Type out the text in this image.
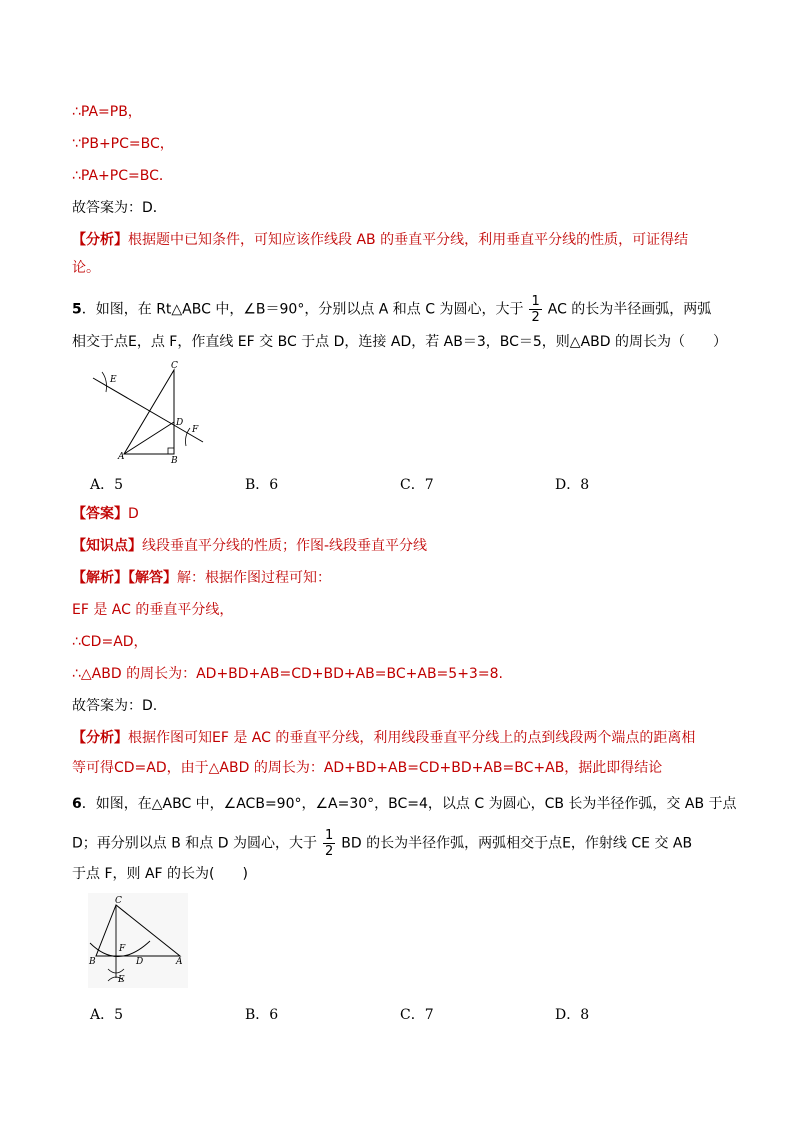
∴PA=PB，
∵PB+PC=BC，
∴PA+PC=BC．
故答案为：D．
【分析】根据题中已知条件，可知应该作线段 AB 的垂直平分线，利用垂直平分线的性质，可证得结
论。
5．如图，在 Rt△ABC 中，∠B＝90°，分别以点 A 和点 C 为圆心，大于 $\frac{1}{2}$ AC 的长为半径画弧，两弧
相交于点E，点 F，作直线 EF 交 BC 于点 D，连接 AD，若 AB＝3，BC＝5，则△ABD 的周长为（　　）
E
C
D
F
A	B
A．5	B．6	C．7	D．8
【答案】D
【知识点】线段垂直平分线的性质；作图-线段垂直平分线
【解析】【解答】解：根据作图过程可知：
EF 是 AC 的垂直平分线，
∴CD=AD，
∴△ABD 的周长为：AD+BD+AB=CD+BD+AB=BC+AB=5+3=8.
故答案为：D.
【分析】根据作图可知EF 是 AC 的垂直平分线，利用线段垂直平分线上的点到线段两个端点的距离相
等可得CD=AD，由于△ABD 的周长为：AD+BD+AB=CD+BD+AB=BC+AB，据此即得结论
6．如图，在△ABC 中，∠ACB=90°，∠A=30°，BC=4，以点 C 为圆心，CB 长为半径作弧，交 AB 于点
D；再分别以点 B 和点 D 为圆心，大于 $\frac{1}{2}$ BD 的长为半径作弧，两弧相交于点E，作射线 CE 交 AB
于点 F，则 AF 的长为(　　)
C
F
B	D	A
E
A．5	B．6	C．7	D．8
